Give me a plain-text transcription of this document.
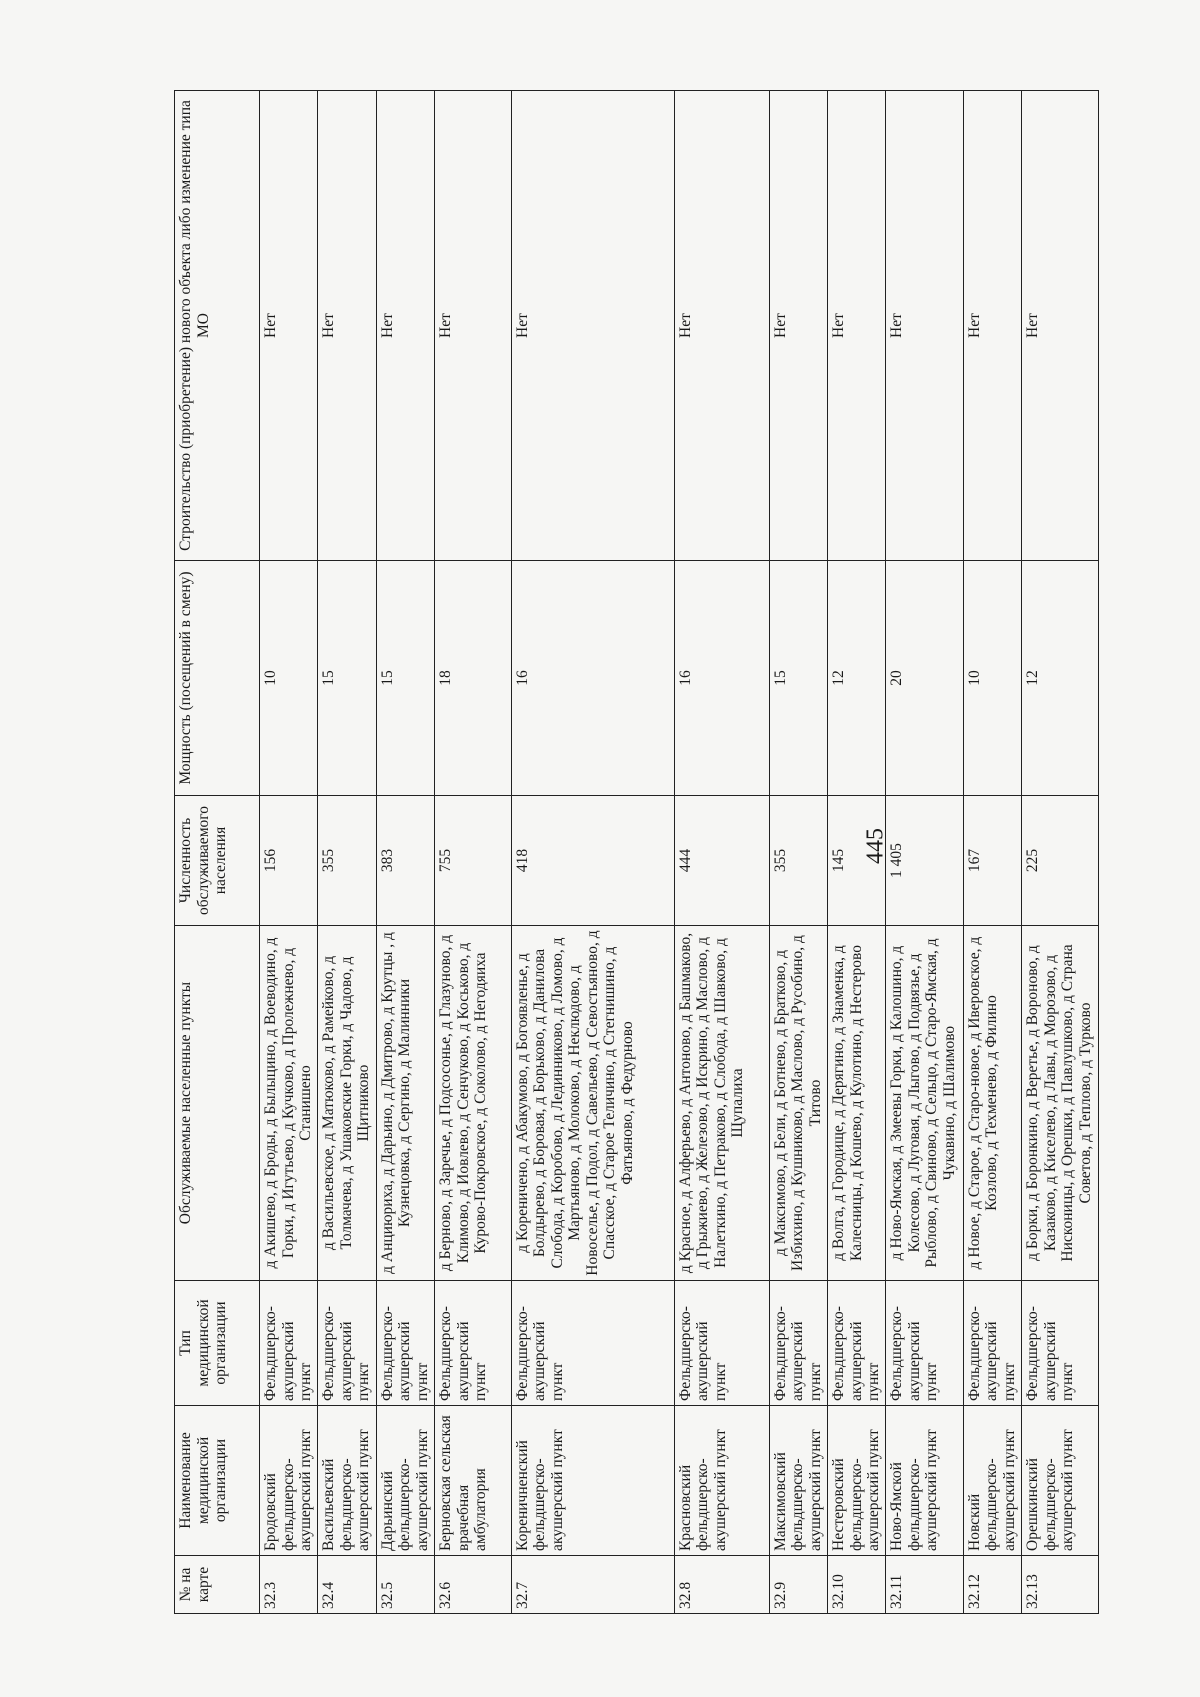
445
№ на карте	Наименование медицинской организации	Тип медицинской организации	Обслуживаемые населенные пункты	Численность обслуживаемого населения	Мощность (посещений в смену)	Строительство (приобретение) нового объекта либо изменение типа МО
32.3	Бродовский фельдшерско-акушерский пункт	Фельдшерско-акушерский пункт	д Акишево, д Броды, д Былыцино, д Воеводино, д Горки, д Игутьево, д Кучково, д Пролежнево, д Станишено	156	10	Нет
32.4	Васильевский фельдшерско-акушерский пункт	Фельдшерско-акушерский пункт	д Васильевское, д Матюково, д Рамейково, д Толмачева, д Ушаковские Горки, д Чадово, д Щитниково	355	15	Нет
32.5	Дарьинский фельдшерско-акушерский пункт	Фельдшерско-акушерский пункт	д Анциюриха, д Дарьино, д Дмитрово, д Крутцы , д Кузнецовка, д Сергино, д Малинники	383	15	Нет
32.6	Берновская сельская врачебная амбулатория	Фельдшерско-акушерский пункт	д Берново, д Заречье, д Подсосонье, д Глазуново, д Климово, д Иовлево, д Сенчуково, д Коськово, д Курово-Покровское, д Соколово, д Негодяиха	755	18	Нет
32.7	Кореничненский фельдшерско-акушерский пункт	Фельдшерско-акушерский пункт	д Кореничено, д Абакумово, д Богоявленье, д Болдырево, д Боровая, д Борьково, д Данилова Слобода, д Коробово, д Лединниково, д Ломово, д Мартьяново, д Молоково, д Неклюдово, д Новоселье, д Подол, д Савельево, д Севостьяново, д Спасское, д Старое Теличино, д Стегнишино, д Фатьяново, д Федурново	418	16	Нет
32.8	Красновский фельдшерско-акушерский пункт	Фельдшерско-акушерский пункт	д Красное, д Алферьево, д Антоново, д Башмаково, д Грыжиево, д Железово, д Искрино, д Маслово, д Налеткино, д Петраково, д Слобода, д Шавково, д Щупалиха	444	16	Нет
32.9	Максимовский фельдшерско-акушерский пункт	Фельдшерско-акушерский пункт	д Максимово, д Бели, д Ботнево, д Братково, д Избихино, д Кушниково, д Маслово, д Русобино, д Титово	355	15	Нет
32.10	Нестеровский фельдшерско-акушерский пункт	Фельдшерско-акушерский пункт	д Волга, д Городище, д Дерягино, д Знаменка, д Калесницы, д Кошево, д Кулотино, д Нестерово	145	12	Нет
32.11	Ново-Ямской фельдшерско-акушерский пункт	Фельдшерско-акушерский пункт	д Ново-Ямская, д Змеевы Горки, д Калошино, д Колесово, д Луговая, д Лыгово, д Подвязье, д Рыблово, д Свиново, д Сельцо, д Старо-Ямская, д Чукавино, д Шалимово	1 405	20	Нет
32.12	Новский фельдшерско-акушерский пункт	Фельдшерско-акушерский пункт	д Новое, д Старое, д Старо-новое, д Иверовское, д Козлово, д Техменево, д Филино	167	10	Нет
32.13	Орешкинский фельдшерско-акушерский пункт	Фельдшерско-акушерский пункт	д Борки, д Боронкино, д Веретье, д Вороново, д Казаково, д Киселево, д Лавы, д Морозово, д Нисконицы, д Орешки, д Павлушково, д Страна Советов, д Теплово, д Турково	225	12	Нет
